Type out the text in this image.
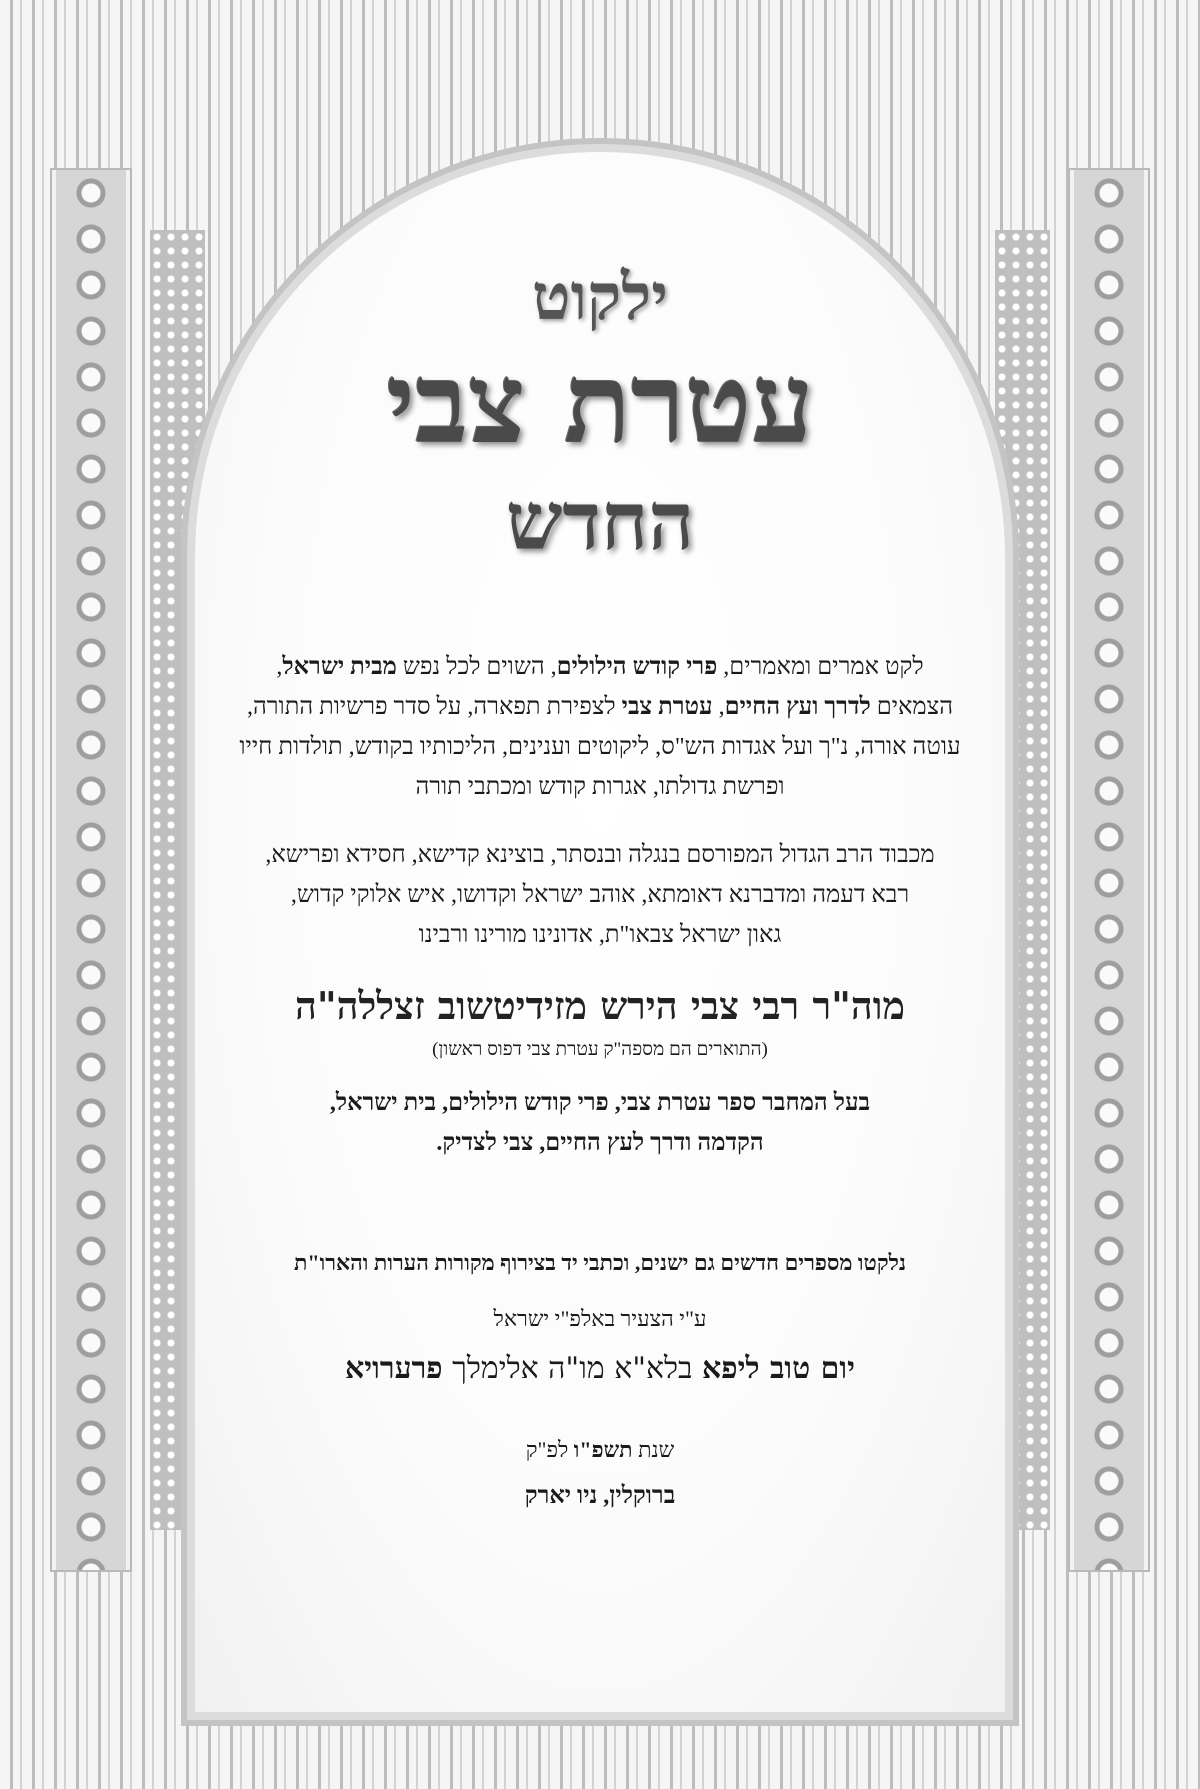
ילקוט

עטרת צבי

החדש

לקט אמרים ומאמרים, פרי קודש הילולים, השוים לכל נפש מבית ישראל,

הצמאים לדרך ועץ החיים, עטרת צבי לצפירת תפארה, על סדר פרשיות התורה,

עוטה אורה, נ"ך ועל אגדות הש"ס, ליקוטים וענינים, הליכותיו בקודש, תולדות חייו

ופרשת גדולתו, אגרות קודש ומכתבי תורה

מכבוד הרב הגדול המפורסם בנגלה ובנסתר, בוצינא קדישא, חסידא ופרישא,

רבא דעמה ומדברנא דאומתא, אוהב ישראל וקדושו, איש אלוקי קדוש,

גאון ישראל צבאו"ת, אדונינו מורינו ורבינו

מוה"ר רבי צבי הירש מזידיטשוב זצללה"ה

(התוארים הם מספה"ק עטרת צבי דפוס ראשון)

בעל המחבר ספר עטרת צבי, פרי קודש הילולים, בית ישראל,

הקדמה ודרך לעץ החיים, צבי לצדיק.

נלקטו מספרים חדשים גם ישנים, וכתבי יד בצירוף מקורות הערות והארו"ת

ע"י הצעיר באלפ"י ישראל

יום טוב ליפא בלא"א מו"ה אלימלך פרערויא

שנת תשפ"ו לפ"ק

ברוקלין, ניו יארק
